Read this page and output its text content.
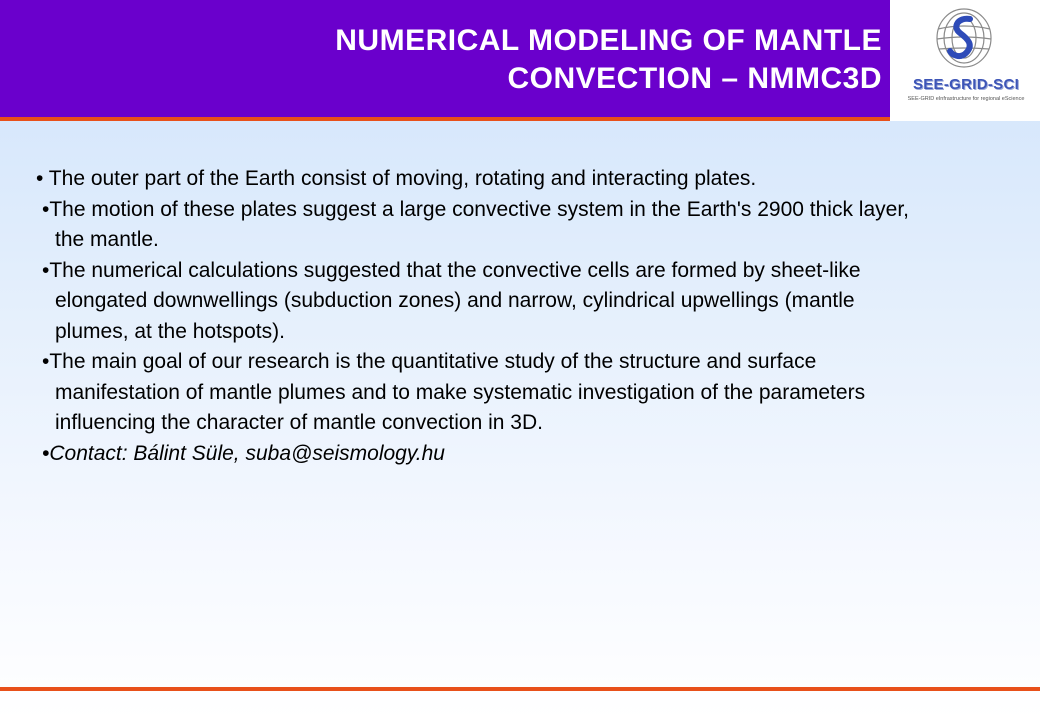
NUMERICAL MODELING OF MANTLE
CONVECTION – NMMC3D	SEE-GRID-SCI
SEE-GRID eInfrastructure for regional eScience

• The outer part of the Earth consist of moving, rotating and interacting plates.

•The motion of these plates suggest a large convective system in the Earth's 2900 thick layer, the mantle.

•The numerical calculations suggested that the convective cells are formed by sheet-like elongated downwellings (subduction zones) and narrow, cylindrical upwellings (mantle plumes, at the hotspots).

•The main goal of our research is the quantitative study of the structure and surface manifestation of mantle plumes and to make systematic investigation of the parameters influencing the character of mantle convection in 3D.

•Contact: Bálint Süle, suba@seismology.hu
